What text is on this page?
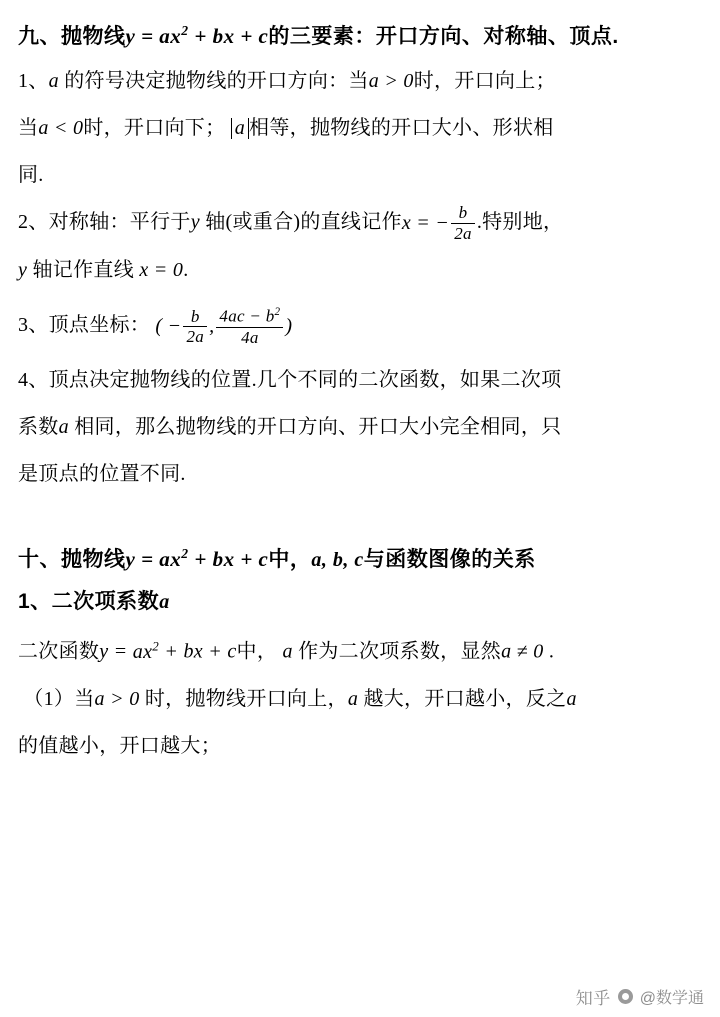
九、抛物线$y = ax^2$ + bx + c的三要素：开口方向、对称轴、顶点.
1、a 的符号决定抛物线的开口方向：当a > 0时，开口向上；
当a < 0时，开口向下； a 相等，抛物线的开口大小、形状相
同.
2、对称轴：平行于y 轴(或重合)的直线记作x = − $\frac{b}{2a}$ .特别地，
y 轴记作直线 x = 0.
3、顶点坐标： ( − $\frac{b}{2a}$ , $\frac{4ac - b^2}{4a}$ )
4、顶点决定抛物线的位置.几个不同的二次函数，如果二次项
系数a 相同，那么抛物线的开口方向、开口大小完全相同，只
是顶点的位置不同.
十、抛物线$y = ax^2$ + bx + c中，a, b, c与函数图像的关系
1、二次项系数a
二次函数$y = ax^2$ + bx + c中， a 作为二次项系数，显然a ≠ 0 .
（1）当a > 0 时，抛物线开口向上，a 越大，开口越小，反之a
的值越小，开口越大；
知乎 @数学通
